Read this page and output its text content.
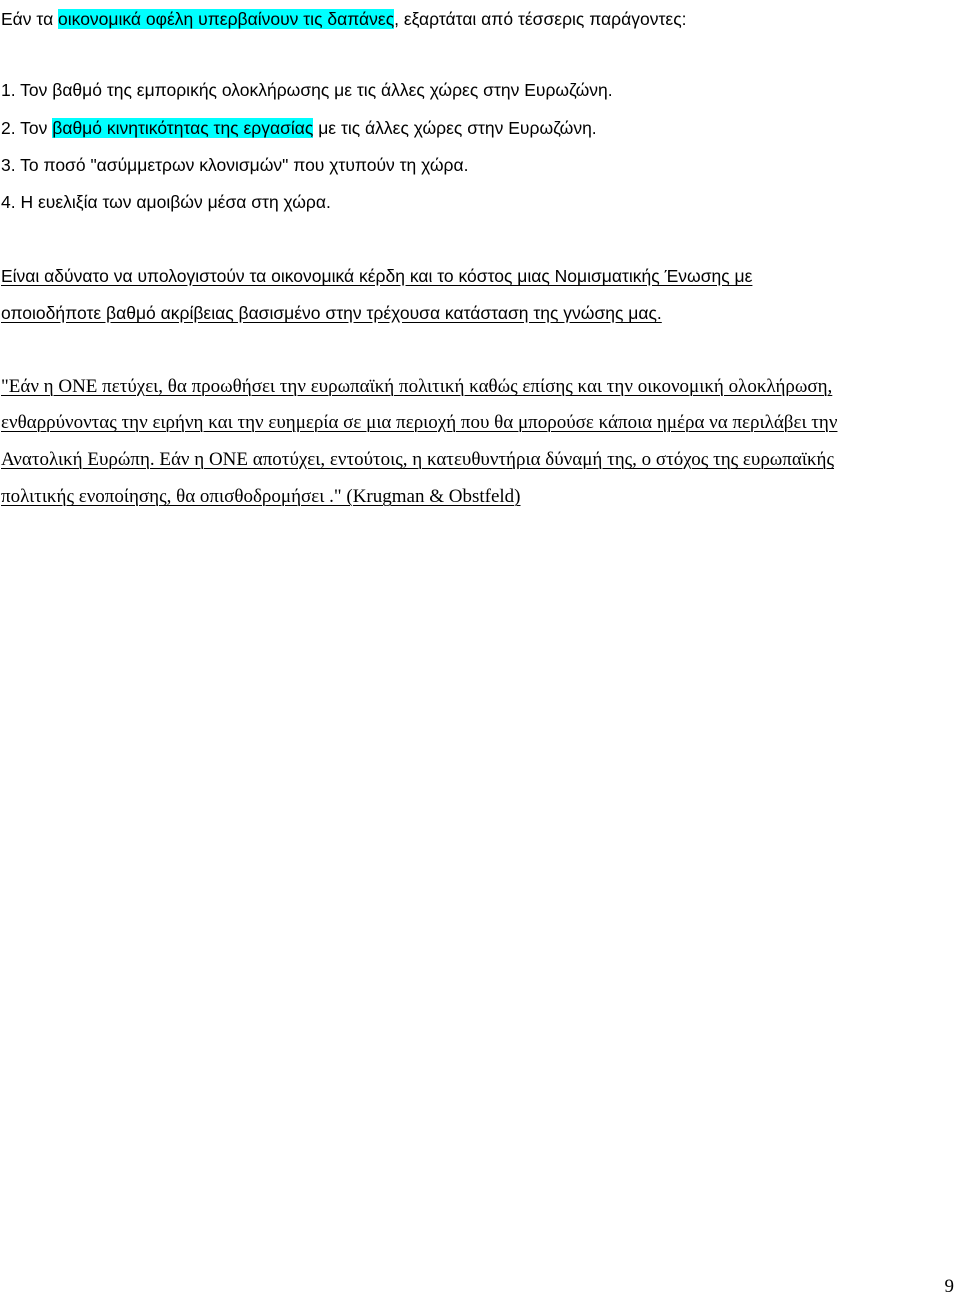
Εάν τα οικονομικά οφέλη υπερβαίνουν τις δαπάνες, εξαρτάται από τέσσερις παράγοντες:
1. Τον βαθμό της εμπορικής ολοκλήρωσης με τις άλλες χώρες στην Ευρωζώνη.
2. Τον βαθμό κινητικότητας της εργασίας με τις άλλες χώρες στην Ευρωζώνη.
3. Το ποσό "ασύμμετρων κλονισμών" που χτυπούν τη χώρα.
4. Η ευελιξία των αμοιβών μέσα στη χώρα.
Είναι αδύνατο να υπολογιστούν τα οικονομικά κέρδη και το κόστος μιας Νομισματικής Ένωσης με
οποιοδήποτε βαθμό ακρίβειας βασισμένο στην τρέχουσα κατάσταση της γνώσης μας.
"Εάν η ΟΝΕ πετύχει, θα προωθήσει την ευρωπαϊκή πολιτική καθώς επίσης και την οικονομική ολοκλήρωση,
ενθαρρύνοντας την ειρήνη και την ευημερία σε μια περιοχή που θα μπορούσε κάποια ημέρα να περιλάβει την
Ανατολική Ευρώπη. Εάν η ΟΝΕ αποτύχει, εντούτοις, η κατευθυντήρια δύναμή της, ο στόχος της ευρωπαϊκής
πολιτικής ενοποίησης, θα οπισθοδρομήσει ." (Krugman & Obstfeld)
9
